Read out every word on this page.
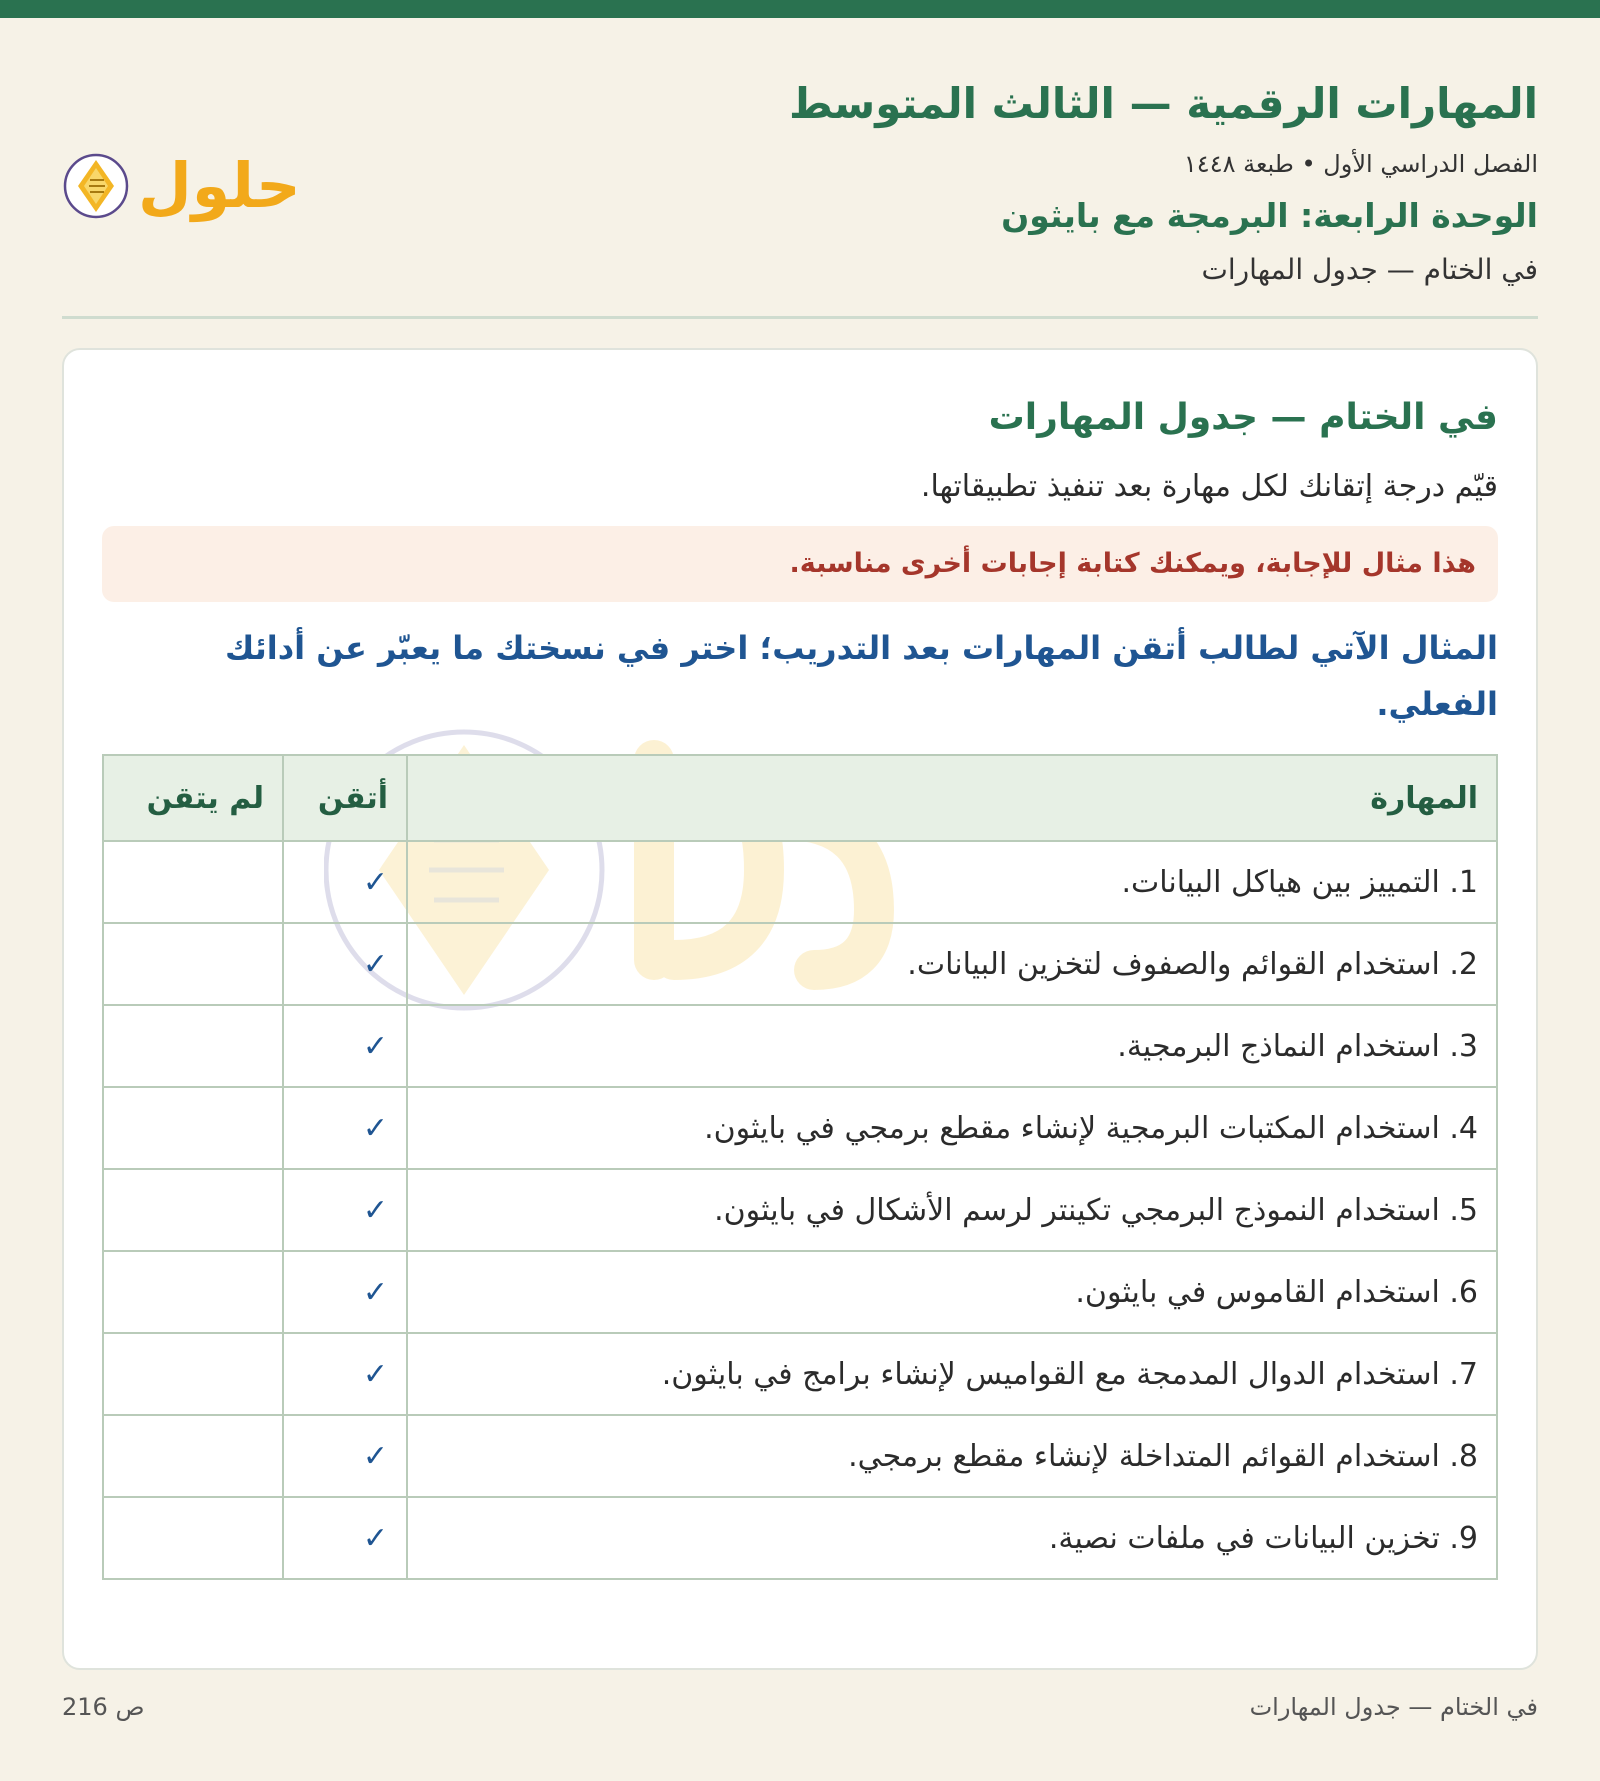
المهارات الرقمية — الثالث المتوسط
الفصل الدراسي الأول • طبعة ١٤٤٨
الوحدة الرابعة: البرمجة مع بايثون
في الختام — جدول المهارات
حلول
في الختام — جدول المهارات
قيّم درجة إتقانك لكل مهارة بعد تنفيذ تطبيقاتها.
هذا مثال للإجابة، ويمكنك كتابة إجابات أخرى مناسبة.
المثال الآتي لطالب أتقن المهارات بعد التدريب؛ اختر في نسختك ما يعبّر عن أدائك الفعلي.
المهارة	أتقن	لم يتقن
1. التمييز بين هياكل البيانات.	✓	
2. استخدام القوائم والصفوف لتخزين البيانات.	✓	
3. استخدام النماذج البرمجية.	✓	
4. استخدام المكتبات البرمجية لإنشاء مقطع برمجي في بايثون.	✓	
5. استخدام النموذج البرمجي تكينتر لرسم الأشكال في بايثون.	✓	
6. استخدام القاموس في بايثون.	✓	
7. استخدام الدوال المدمجة مع القواميس لإنشاء برامج في بايثون.	✓	
8. استخدام القوائم المتداخلة لإنشاء مقطع برمجي.	✓	
9. تخزين البيانات في ملفات نصية.	✓	
في الختام — جدول المهارات
ص 216
